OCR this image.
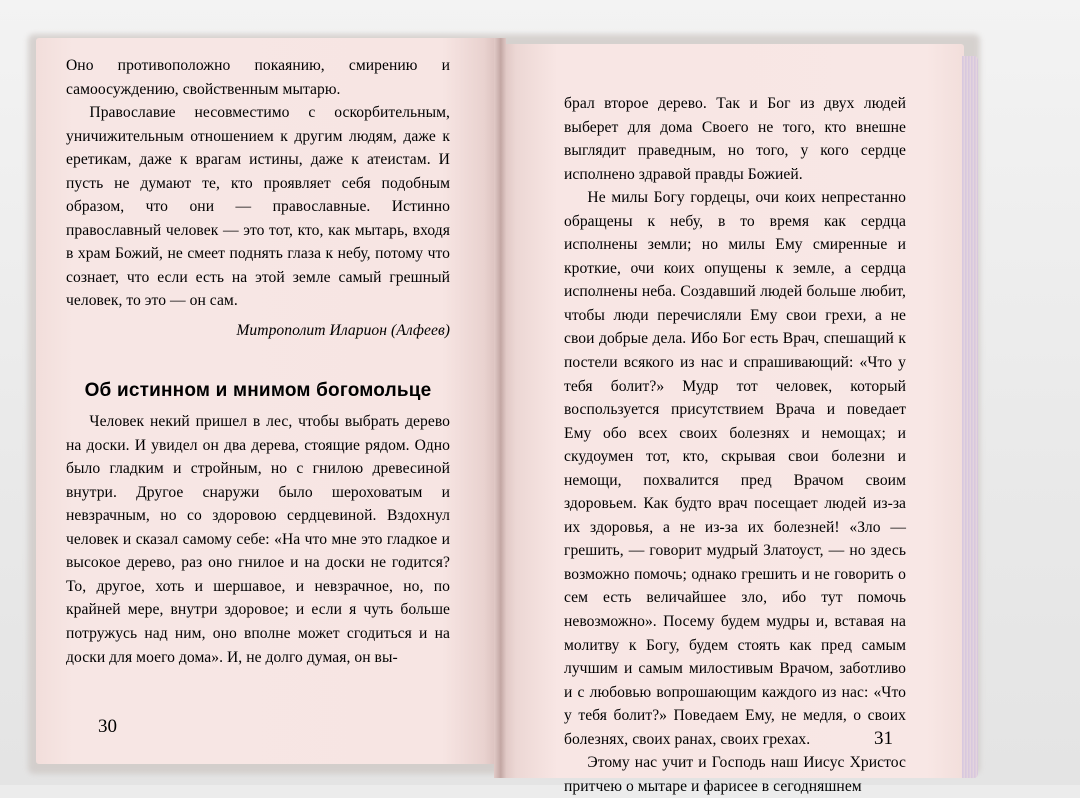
Оно противоположно покаянию, смирению и самоосуждению, свойственным мытарю.

Православие несовместимо с оскорбительным, уничижительным отношением к другим людям, даже к еретикам, даже к врагам истины, даже к атеистам. И пусть не думают те, кто проявляет себя подобным образом, что они — православные. Истинно православный человек — это тот, кто, как мытарь, входя в храм Божий, не смеет поднять глаза к небу, потому что сознает, что если есть на этой земле самый грешный человек, то это — он сам.

Митрополит Иларион (Алфеев)

Об истинном и мнимом богомольце

Человек некий пришел в лес, чтобы выбрать дерево на доски. И увидел он два дерева, стоящие рядом. Одно было гладким и стройным, но с гнилою древесиной внутри. Другое снаружи было шероховатым и невзрачным, но со здоровою сердцевиной. Вздохнул человек и сказал самому себе: «На что мне это гладкое и высокое дерево, раз оно гнилое и на доски не годится? То, другое, хоть и шершавое, и невзрачное, но, по крайней мере, внутри здоровое; и если я чуть больше потружусь над ним, оно вполне может сгодиться и на доски для моего дома». И, не долго думая, он вы-

30

брал второе дерево. Так и Бог из двух людей выберет для дома Своего не того, кто внешне выглядит праведным, но того, у кого сердце исполнено здравой правды Божией.

Не милы Богу гордецы, очи коих непрестанно обращены к небу, в то время как сердца исполнены земли; но милы Ему смиренные и кроткие, очи коих опущены к земле, а сердца исполнены неба. Создавший людей больше любит, чтобы люди перечисляли Ему свои грехи, а не свои добрые дела. Ибо Бог есть Врач, спешащий к постели всякого из нас и спрашивающий: «Что у тебя болит?» Мудр тот человек, который воспользуется присутствием Врача и поведает Ему обо всех своих болезнях и немощах; и скудоумен тот, кто, скрывая свои болезни и немощи, похвалится пред Врачом своим здоровьем. Как будто врач посещает людей из-за их здоровья, а не из-за их болезней! «Зло — грешить, — говорит мудрый Златоуст, — но здесь возможно помочь; однако грешить и не говорить о сем есть величайшее зло, ибо тут помочь невозможно». Посему будем мудры и, вставая на молитву к Богу, будем стоять как пред самым лучшим и самым милостивым Врачом, заботливо и с любовью вопрошающим каждого из нас: «Что у тебя болит?» Поведаем Ему, не медля, о своих болезнях, своих ранах, своих грехах.

Этому нас учит и Господь наш Иисус Христос притчею о мытаре и фарисее в сегодняшнем

31
